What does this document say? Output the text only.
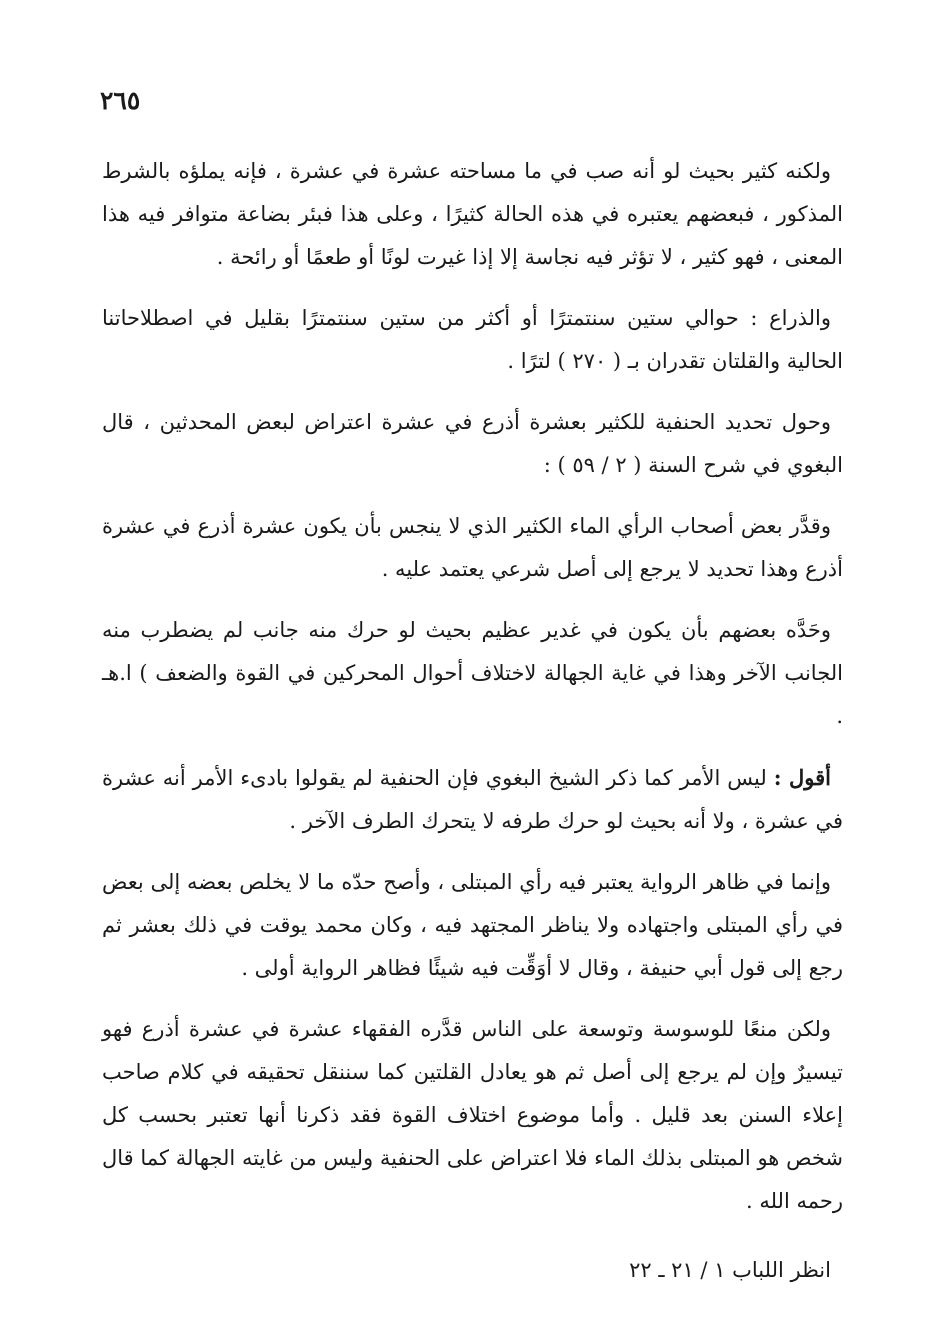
٢٦٥

ولكنه كثير بحيث لو أنه صب في ما مساحته عشرة في عشرة ، فإنه يملؤه بالشرط المذكور ، فبعضهم يعتبره في هذه الحالة كثيرًا ، وعلى هذا فبئر بضاعة متوافر فيه هذا المعنى ، فهو كثير ، لا تؤثر فيه نجاسة إلا إذا غيرت لونًا أو طعمًا أو رائحة .

والذراع : حوالي ستين سنتمترًا أو أكثر من ستين سنتمترًا بقليل في اصطلاحاتنا الحالية والقلتان تقدران بـ ( ٢٧٠ ) لترًا .

وحول تحديد الحنفية للكثير بعشرة أذرع في عشرة اعتراض لبعض المحدثين ، قال البغوي في شرح السنة ( ٢ / ٥٩ ) :

وقدَّر بعض أصحاب الرأي الماء الكثير الذي لا ينجس بأن يكون عشرة أذرع في عشرة أذرع وهذا تحديد لا يرجع إلى أصل شرعي يعتمد عليه .

وحَدَّه بعضهم بأن يكون في غدير عظيم بحيث لو حرك منه جانب لم يضطرب منه الجانب الآخر وهذا في غاية الجهالة لاختلاف أحوال المحركين في القوة والضعف ) ا.هـ .

أقول : ليس الأمر كما ذكر الشيخ البغوي فإن الحنفية لم يقولوا بادىء الأمر أنه عشرة في عشرة ، ولا أنه بحيث لو حرك طرفه لا يتحرك الطرف الآخر .

وإنما في ظاهر الرواية يعتبر فيه رأي المبتلى ، وأصح حدّه ما لا يخلص بعضه إلى بعض في رأي المبتلى واجتهاده ولا يناظر المجتهد فيه ، وكان محمد يوقت في ذلك بعشر ثم رجع إلى قول أبي حنيفة ، وقال لا أوَقِّت فيه شيئًا فظاهر الرواية أولى .

ولكن منعًا للوسوسة وتوسعة على الناس قدَّره الفقهاء عشرة في عشرة أذرع فهو تيسيرٌ وإن لم يرجع إلى أصل ثم هو يعادل القلتين كما سننقل تحقيقه في كلام صاحب إعلاء السنن بعد قليل . وأما موضوع اختلاف القوة فقد ذكرنا أنها تعتبر بحسب كل شخص هو المبتلى بذلك الماء فلا اعتراض على الحنفية وليس من غايته الجهالة كما قال رحمه الله .

انظر اللباب ١ / ٢١ ـ ٢٢
